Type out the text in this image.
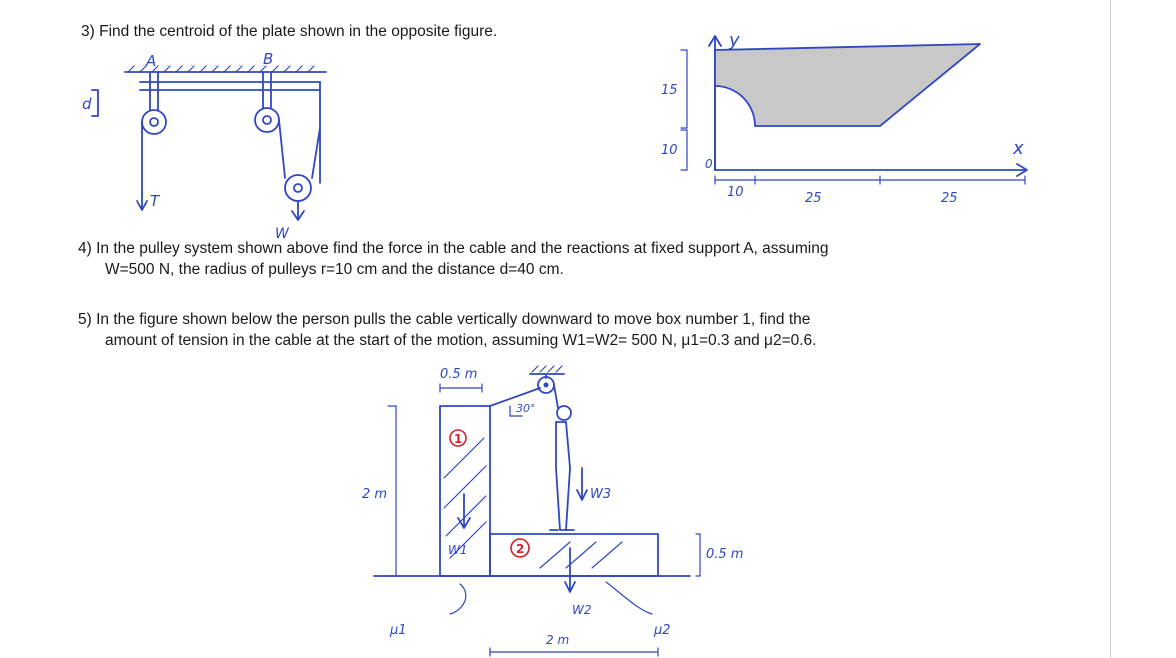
3) Find the centroid of the plate shown in the opposite figure.
A	B
d
T
W
y
x
0
15
10
10	25	25
4) In the pulley system shown above find the force in the cable and the reactions at fixed support A, assuming
W=500 N, the radius of pulleys r=10 cm and the distance d=40 cm.
5) In the figure shown below the person pulls the cable vertically downward to move box number 1, find the
amount of tension in the cable at the start of the motion, assuming W1=W2= 500 N, μ1=0.3 and μ2=0.6.
0.5 m
1
30°
W3
2
W1
W2
2 m
0.5 m
μ1	μ2
2 m
